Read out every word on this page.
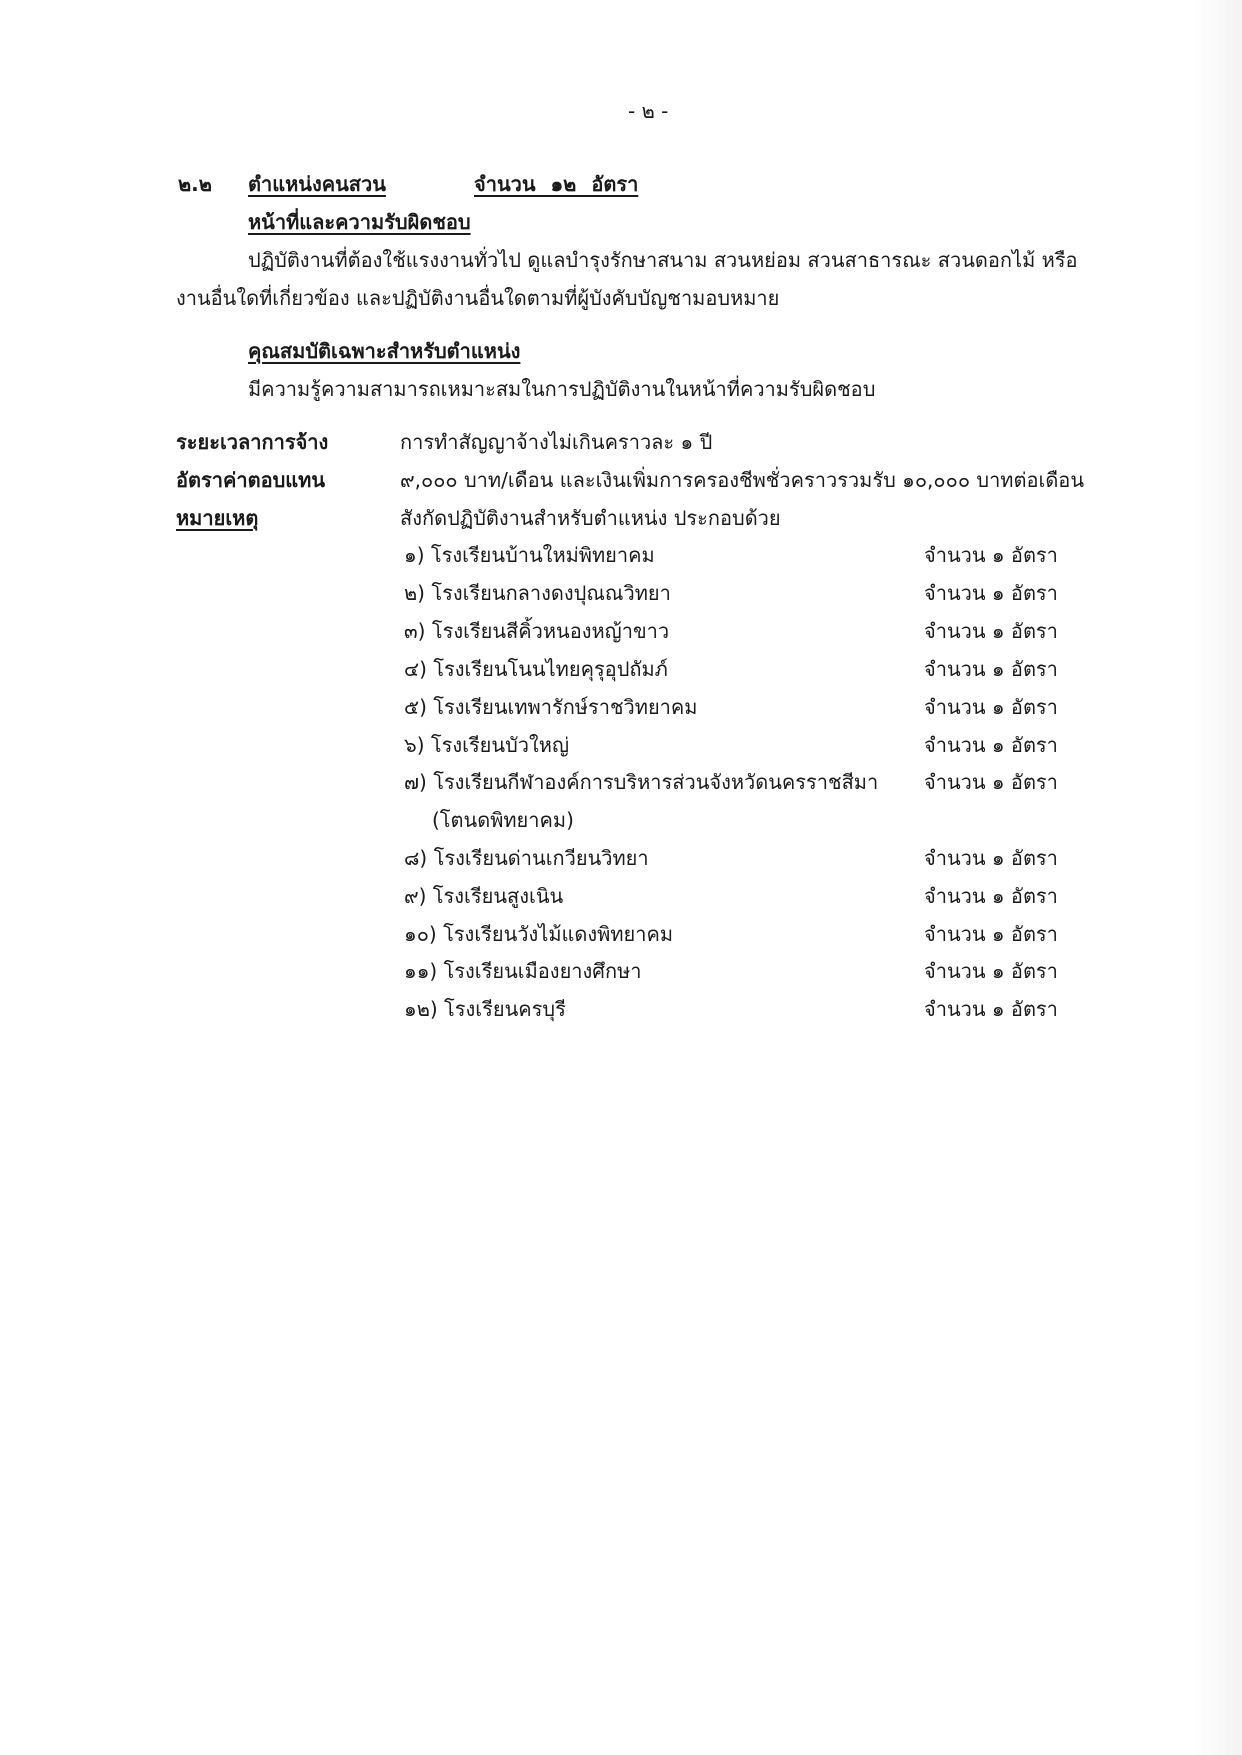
- ๒ -
๒.๒ ตำแหน่งคนสวน	จำนวน ๑๒ อัตรา
หน้าที่และความรับผิดชอบ
ปฏิบัติงานที่ต้องใช้แรงงานทั่วไป ดูแลบำรุงรักษาสนาม สวนหย่อม สวนสาธารณะ สวนดอกไม้ หรือ
งานอื่นใดที่เกี่ยวข้อง และปฏิบัติงานอื่นใดตามที่ผู้บังคับบัญชามอบหมาย
คุณสมบัติเฉพาะสำหรับตำแหน่ง
มีความรู้ความสามารถเหมาะสมในการปฏิบัติงานในหน้าที่ความรับผิดชอบ
ระยะเวลาการจ้าง	การทำสัญญาจ้างไม่เกินคราวละ ๑ ปี
อัตราค่าตอบแทน	๙,๐๐๐ บาท/เดือน และเงินเพิ่มการครองชีพชั่วคราวรวมรับ ๑๐,๐๐๐ บาทต่อเดือน
หมายเหตุ	สังกัดปฏิบัติงานสำหรับตำแหน่ง ประกอบด้วย
๑) โรงเรียนบ้านใหม่พิทยาคม	จำนวน ๑ อัตรา
๒) โรงเรียนกลางดงปุณณวิทยา	จำนวน ๑ อัตรา
๓) โรงเรียนสีคิ้วหนองหญ้าขาว	จำนวน ๑ อัตรา
๔) โรงเรียนโนนไทยคุรุอุปถัมภ์	จำนวน ๑ อัตรา
๕) โรงเรียนเทพารักษ์ราชวิทยาคม	จำนวน ๑ อัตรา
๖) โรงเรียนบัวใหญ่	จำนวน ๑ อัตรา
๗) โรงเรียนกีฬาองค์การบริหารส่วนจังหวัดนครราชสีมา จำนวน ๑ อัตรา
(โตนดพิทยาคม)
๘) โรงเรียนด่านเกวียนวิทยา	จำนวน ๑ อัตรา
๙) โรงเรียนสูงเนิน	จำนวน ๑ อัตรา
๑๐) โรงเรียนวังไม้แดงพิทยาคม	จำนวน ๑ อัตรา
๑๑) โรงเรียนเมืองยางศึกษา	จำนวน ๑ อัตรา
๑๒) โรงเรียนครบุรี	จำนวน ๑ อัตรา
